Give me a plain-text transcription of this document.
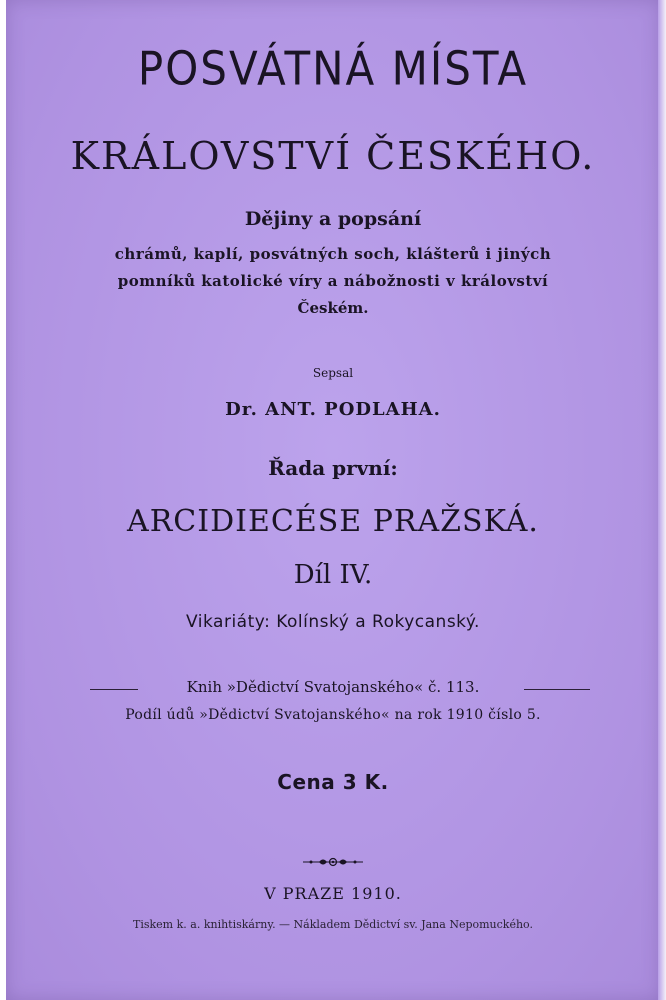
POSVÁTNÁ MÍSTA
KRÁLOVSTVÍ ČESKÉHO.
Dějiny a popsání
chrámů, kaplí, posvátných soch, klášterů i jiných
pomníků katolické víry a nábožnosti v království
Českém.
Sepsal
Dr. ANT. PODLAHA.
Řada první:
ARCIDIECÉSE PRAŽSKÁ.
Díl IV.
Vikariáty: Kolínský a Rokycanský.
Knih »Dědictví Svatojanského« č. 113.
Podíl údů »Dědictví Svatojanského« na rok 1910 číslo 5.
Cena 3 K.
V PRAZE 1910.
Tiskem k. a. knihtiskárny. — Nákladem Dědictví sv. Jana Nepomuckého.
